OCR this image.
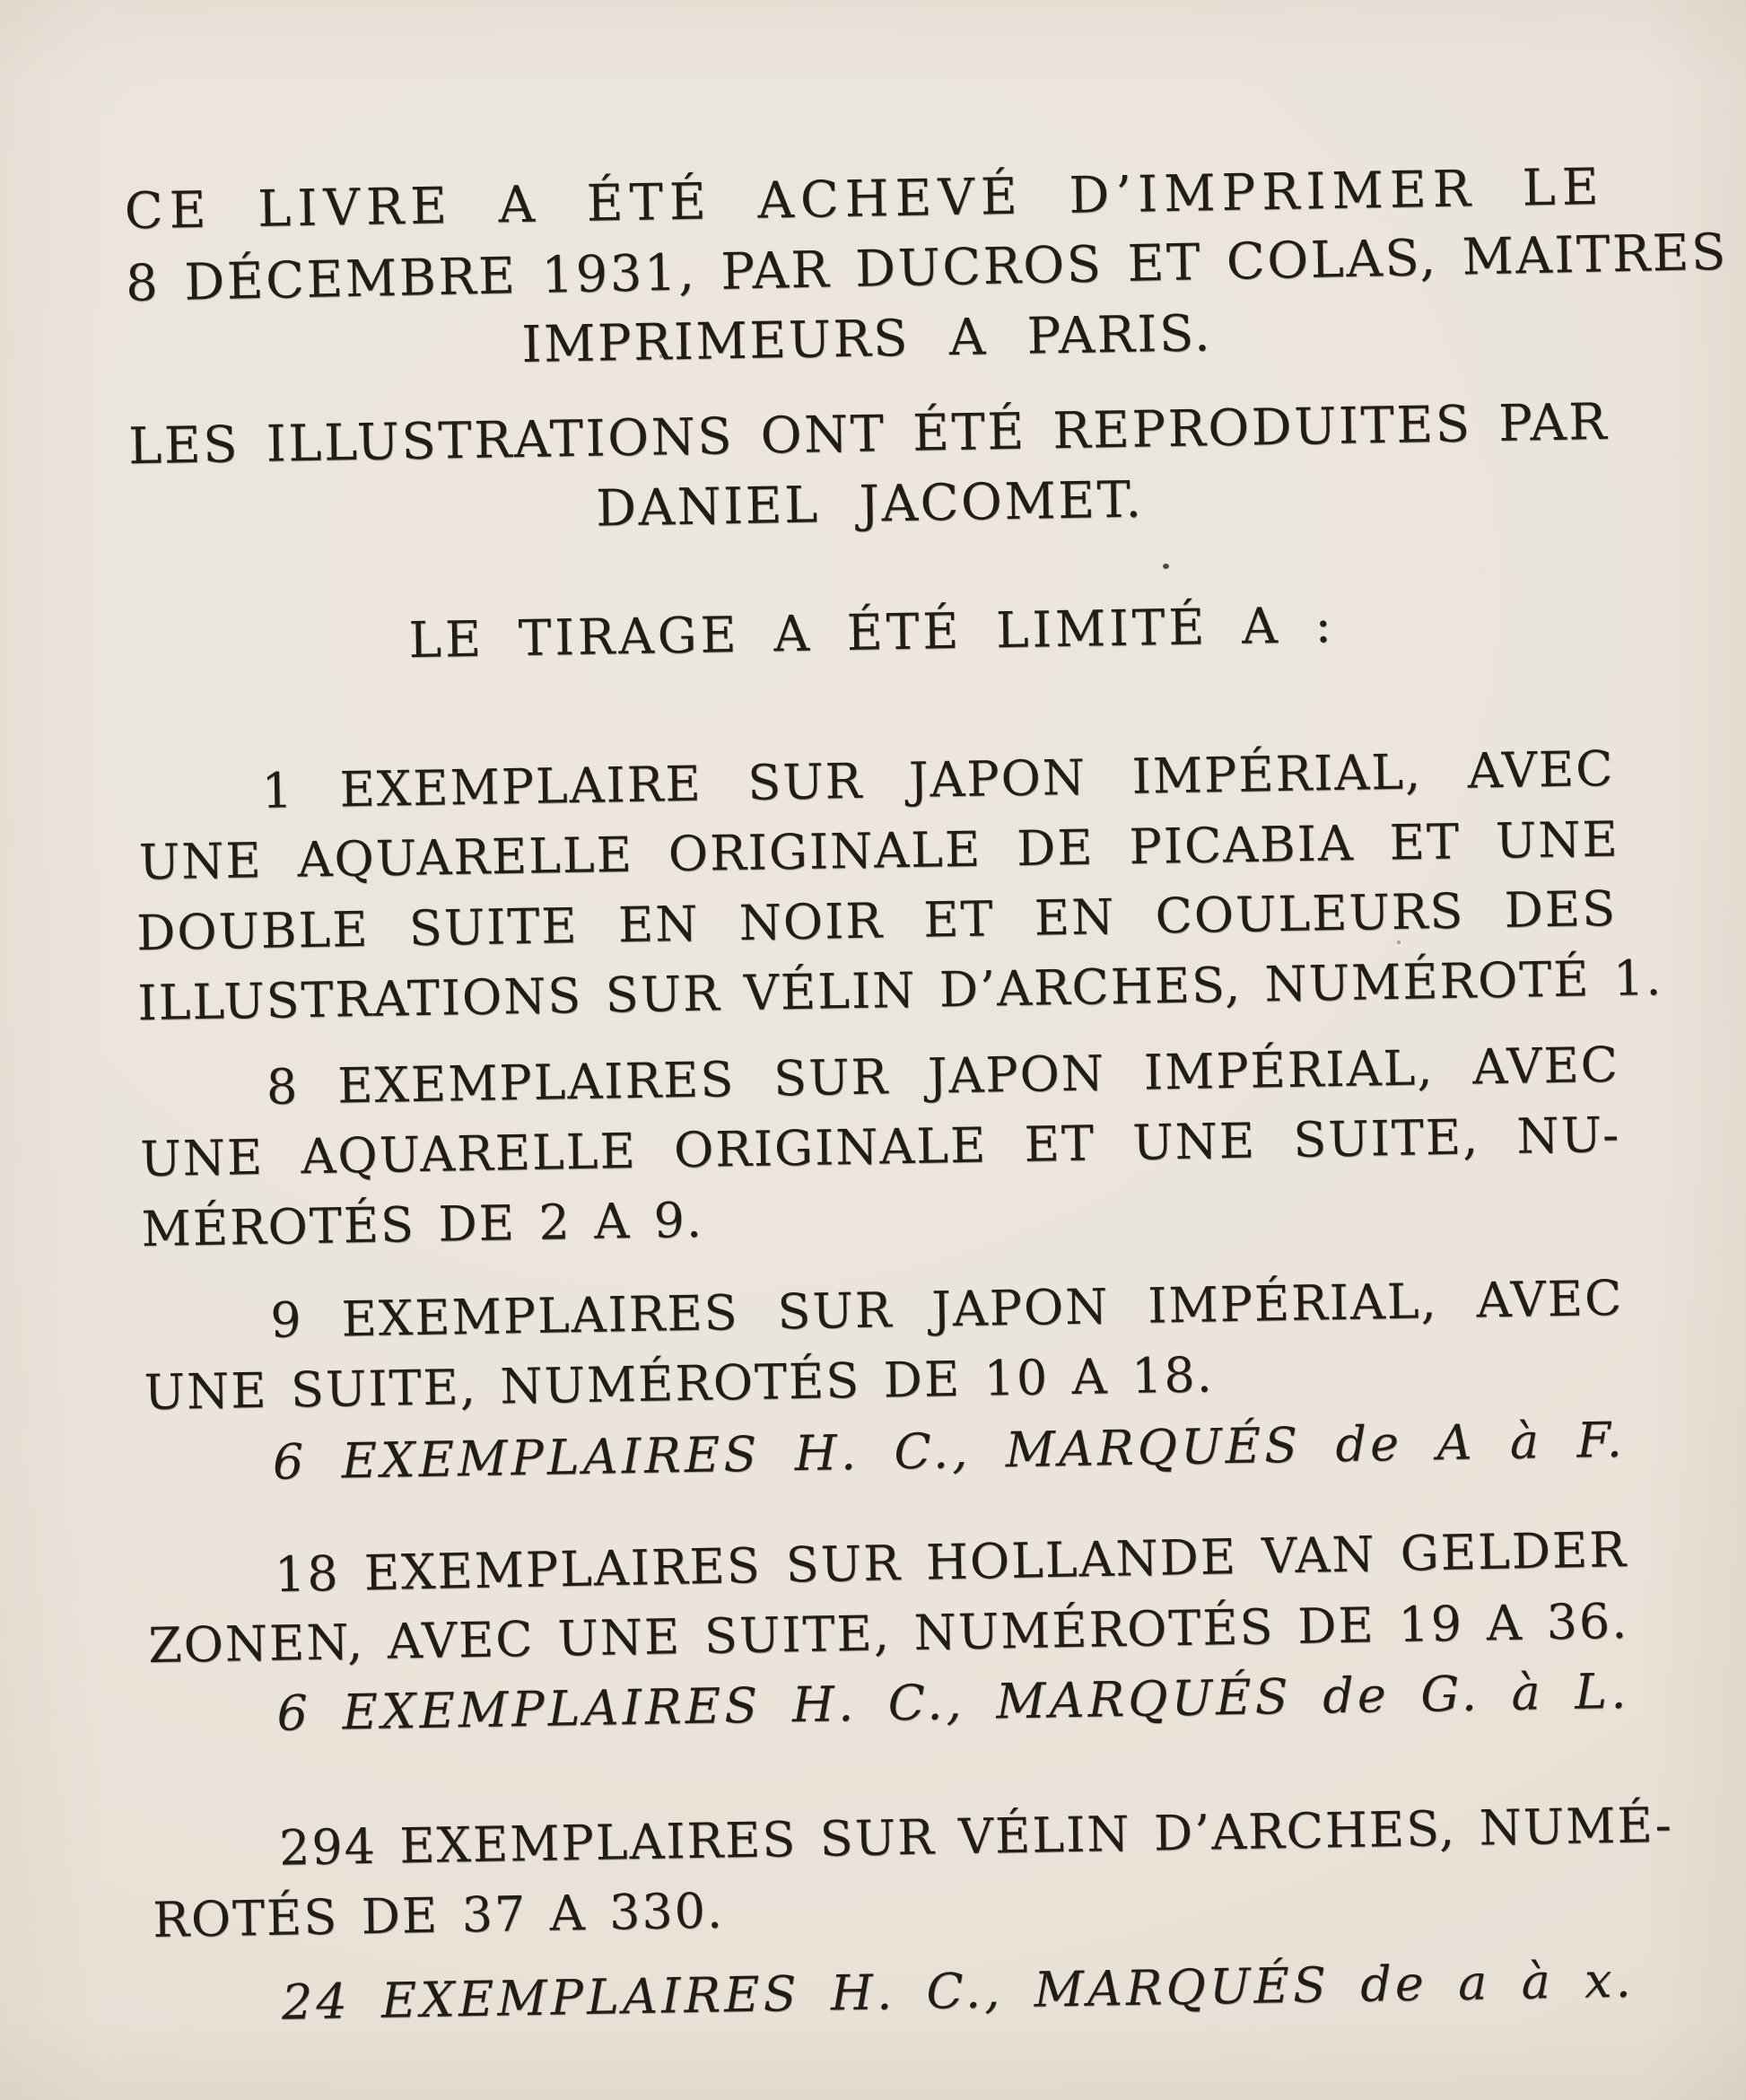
CE LIVRE A ÉTÉ ACHEVÉ D’IMPRIMER LE
8 DÉCEMBRE 1931, PAR DUCROS ET COLAS, MAITRES
IMPRIMEURS A PARIS.
LES ILLUSTRATIONS ONT ÉTÉ REPRODUITES PAR
DANIEL JACOMET.
LE TIRAGE A ÉTÉ LIMITÉ A :
1 EXEMPLAIRE SUR JAPON IMPÉRIAL, AVEC
UNE AQUARELLE ORIGINALE DE PICABIA ET UNE
DOUBLE SUITE EN NOIR ET EN COULEURS DES
ILLUSTRATIONS SUR VÉLIN D’ARCHES, NUMÉROTÉ 1.
8 EXEMPLAIRES SUR JAPON IMPÉRIAL, AVEC
UNE AQUARELLE ORIGINALE ET UNE SUITE, NU-
MÉROTÉS DE 2 A 9.
9 EXEMPLAIRES SUR JAPON IMPÉRIAL, AVEC
UNE SUITE, NUMÉROTÉS DE 10 A 18.
6 EXEMPLAIRES H. C., MARQUÉS de A à F.
18 EXEMPLAIRES SUR HOLLANDE VAN GELDER
ZONEN, AVEC UNE SUITE, NUMÉROTÉS DE 19 A 36.
6 EXEMPLAIRES H. C., MARQUÉS de G. à L.
294 EXEMPLAIRES SUR VÉLIN D’ARCHES, NUMÉ-
ROTÉS DE 37 A 330.
24 EXEMPLAIRES H. C., MARQUÉS de a à x.
